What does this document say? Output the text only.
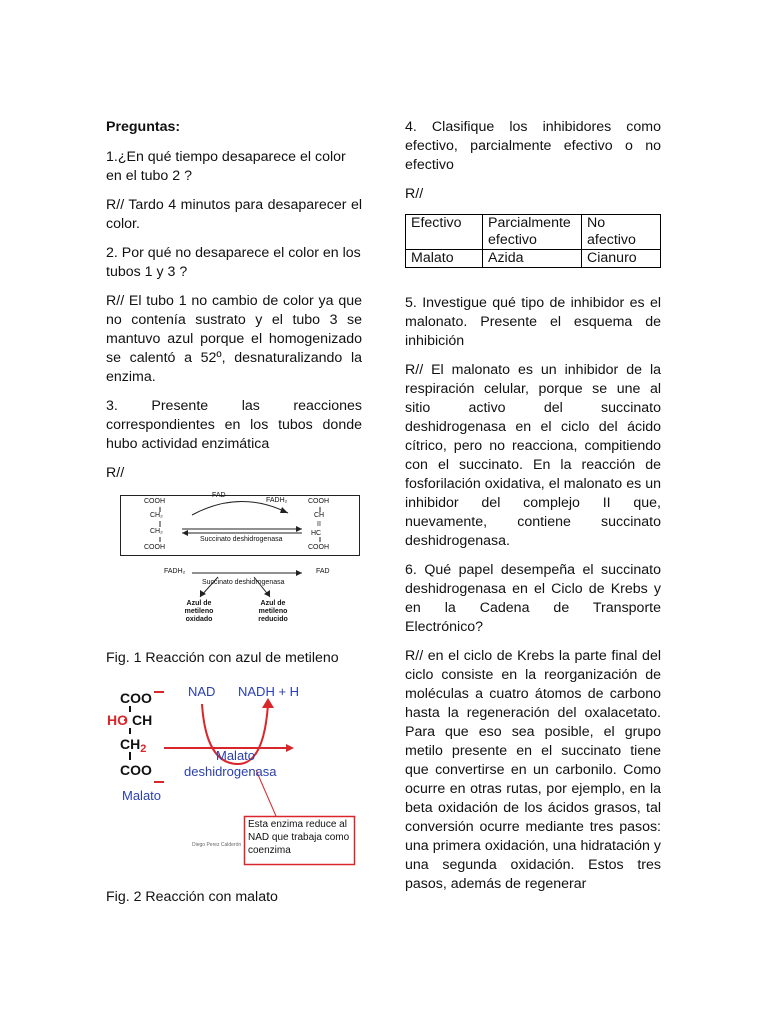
Preguntas:

1.¿En qué tiempo desaparece el color en el tubo 2 ?

R// Tardo 4 minutos para desaparecer el color.

2. Por qué no desaparece el color en los tubos 1 y 3 ?

R// El tubo 1 no cambio de color ya que no contenía sustrato y el tubo 3 se mantuvo azul porque el homogenizado se calentó a 52º, desnaturalizando la enzima.

3. Presente las reacciones correspondientes en los tubos donde hubo actividad enzimática

R//

COOH
FAD
FADH₂	COOH
CH₂	CH
II
CH₂	HC
COOH
Succinato deshidrogenasa
COOH
FADH₂	FAD
Succinato deshidrogenasa
Azul de metileno oxidado
Azul de metileno reducido

Fig. 1 Reacción con azul de metileno

COO
HO CH
$CH_2$
COO
NAD NADH + H
Malato
deshidrogenasa
Malato
Diego Perez Calderón
Esta enzima reduce al NAD que trabaja como coenzima

Fig. 2 Reacción con malato

4. Clasifique los inhibidores como efectivo, parcialmente efectivo o no efectivo

R//

Efectivo	Parcialmente efectivo	No afectivo
Malato	Azida	Cianuro

5. Investigue qué tipo de inhibidor es el malonato. Presente el esquema de inhibición

R// El malonato es un inhibidor de la respiración celular, porque se une al sitio activo del succinato deshidrogenasa en el ciclo del ácido cítrico, pero no reacciona, compitiendo con el succinato. En la reacción de fosforilación oxidativa, el malonato es un inhibidor del complejo II que, nuevamente, contiene succinato deshidrogenasa.

6. Qué papel desempeña el succinato deshidrogenasa en el Ciclo de Krebs y en la Cadena de Transporte Electrónico?

R// en el ciclo de Krebs la parte final del ciclo consiste en la reorganización de moléculas a cuatro átomos de carbono hasta la regeneración del oxalacetato. Para que eso sea posible, el grupo metilo presente en el succinato tiene que convertirse en un carbonilo. Como ocurre en otras rutas, por ejemplo, en la beta oxidación de los ácidos grasos, tal conversión ocurre mediante tres pasos: una primera oxidación, una hidratación y una segunda oxidación. Estos tres pasos, además de regenerar
